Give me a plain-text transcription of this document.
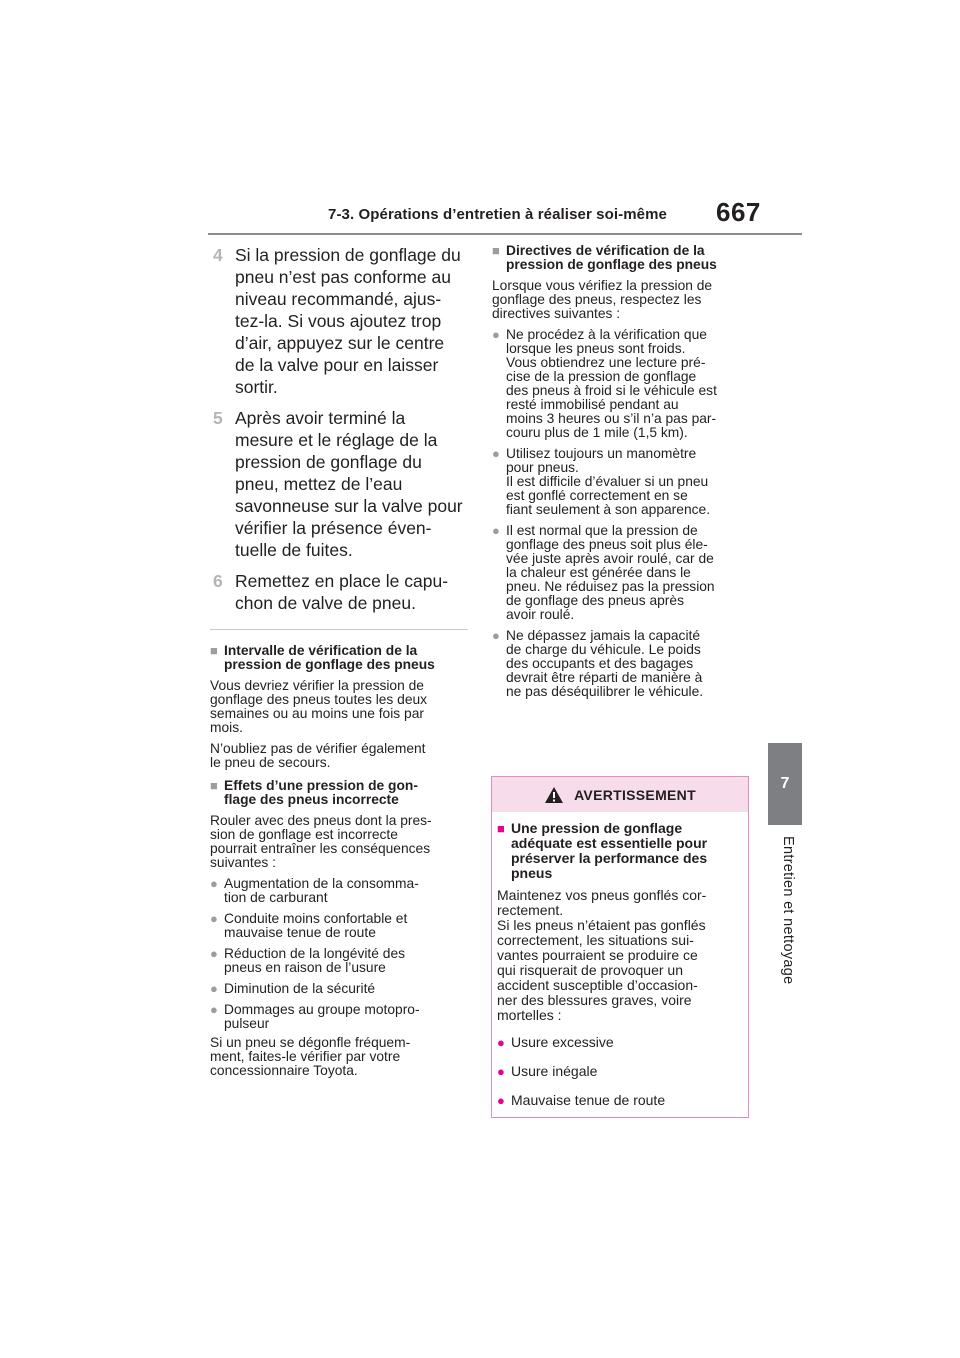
7-3. Opérations d’entretien à réaliser soi-même	667
7
Entretien et nettoyage
4 Si la pression de gonflage du
pneu n’est pas conforme au
niveau recommandé, ajus-
tez-la. Si vous ajoutez trop
d’air, appuyez sur le centre
de la valve pour en laisser
sortir.
5 Après avoir terminé la
mesure et le réglage de la
pression de gonflage du
pneu, mettez de l’eau
savonneuse sur la valve pour
vérifier la présence éven-
tuelle de fuites.
6 Remettez en place le capu-
chon de valve de pneu.
■ Intervalle de vérification de la
pression de gonflage des pneus

Vous devriez vérifier la pression de
gonflage des pneus toutes les deux
semaines ou au moins une fois par
mois.

N’oubliez pas de vérifier également
le pneu de secours.

■ Effets d’une pression de gon-
flage des pneus incorrecte

Rouler avec des pneus dont la pres-
sion de gonflage est incorrecte
pourrait entraîner les conséquences
suivantes :

● Augmentation de la consomma-
tion de carburant
● Conduite moins confortable et
mauvaise tenue de route
● Réduction de la longévité des
pneus en raison de l’usure
● Diminution de la sécurité
● Dommages au groupe motopro-
pulseur

Si un pneu se dégonfle fréquem-
ment, faites-le vérifier par votre
concessionnaire Toyota.

■ Directives de vérification de la
pression de gonflage des pneus

Lorsque vous vérifiez la pression de
gonflage des pneus, respectez les
directives suivantes :

● Ne procédez à la vérification que
lorsque les pneus sont froids.
Vous obtiendrez une lecture pré-
cise de la pression de gonflage
des pneus à froid si le véhicule est
resté immobilisé pendant au
moins 3 heures ou s’il n’a pas par-
couru plus de 1 mile (1,5 km).
● Utilisez toujours un manomètre
pour pneus.
Il est difficile d’évaluer si un pneu
est gonflé correctement en se
fiant seulement à son apparence.
● Il est normal que la pression de
gonflage des pneus soit plus éle-
vée juste après avoir roulé, car de
la chaleur est générée dans le
pneu. Ne réduisez pas la pression
de gonflage des pneus après
avoir roulé.
● Ne dépassez jamais la capacité
de charge du véhicule. Le poids
des occupants et des bagages
devrait être réparti de manière à
ne pas déséquilibrer le véhicule.
AVERTISSEMENT
■ Une pression de gonflage
adéquate est essentielle pour
préserver la performance des
pneus

Maintenez vos pneus gonflés cor-
rectement.
Si les pneus n’étaient pas gonflés
correctement, les situations sui-
vantes pourraient se produire ce
qui risquerait de provoquer un
accident susceptible d’occasion-
ner des blessures graves, voire
mortelles :

● Usure excessive
● Usure inégale
● Mauvaise tenue de route
